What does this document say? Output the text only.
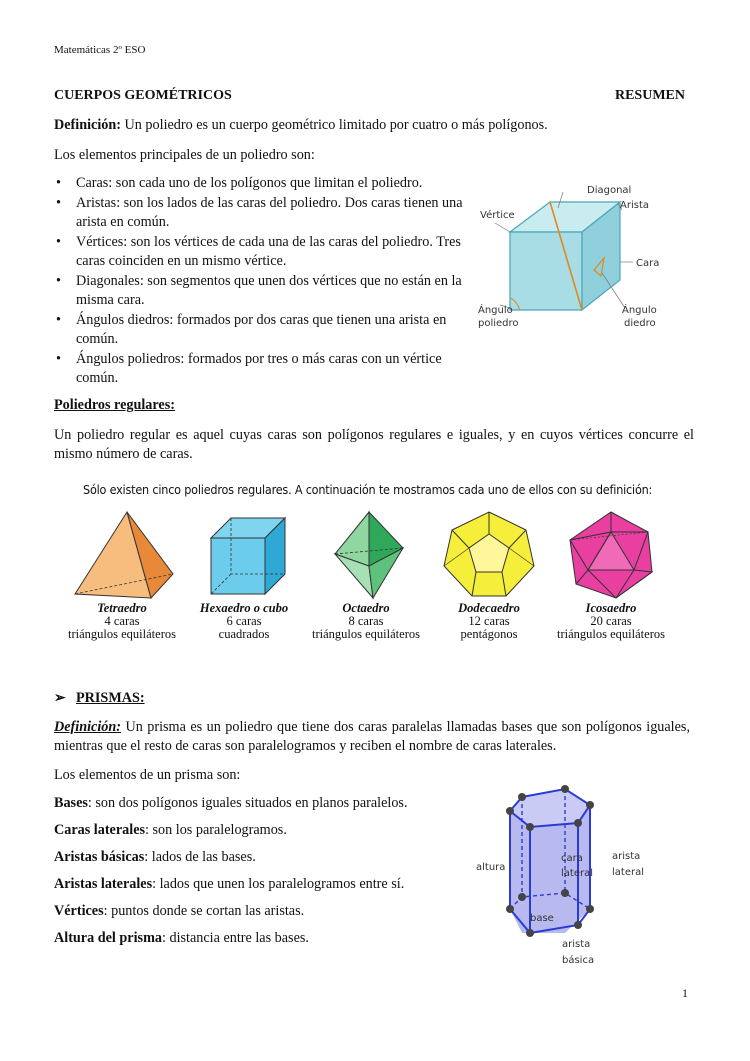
Matemáticas 2º ESO
CUERPOS GEOMÉTRICOS	RESUMEN

Definición: Un poliedro es un cuerpo geométrico limitado por cuatro o más polígonos.

Los elementos principales de un poliedro son:

• Caras: son cada uno de los polígonos que limitan el poliedro.
• Aristas: son los lados de las caras del poliedro. Dos caras tienen una arista en común.
• Vértices: son los vértices de cada una de las caras del poliedro. Tres caras coinciden en un mismo vértice.
• Diagonales: son segmentos que unen dos vértices que no están en la misma cara.
• Ángulos diedros: formados por dos caras que tienen una arista en común.
• Ángulos poliedros: formados por tres o más caras con un vértice común.
Diagonal
Arista
Vértice
Cara
Ángulo
poliedro
Ángulo
diedro
Poliedros regulares:

Un poliedro regular es aquel cuyas caras son polígonos regulares e iguales, y en cuyos vértices concurre el mismo número de caras.

Sólo existen cinco poliedros regulares. A continuación te mostramos cada uno de ellos con su definición:
Tetraedro
4 caras
triángulos equiláteros
Hexaedro o cubo
6 caras
cuadrados
Octaedro
8 caras
triángulos equiláteros
Dodecaedro
12 caras
pentágonos
Icosaedro
20 caras
triángulos equiláteros
➢ PRISMAS:

Definición: Un prisma es un poliedro que tiene dos caras paralelas llamadas bases que son polígonos iguales, mientras que el resto de caras son paralelogramos y reciben el nombre de caras laterales.

Los elementos de un prisma son:

Bases: son dos polígonos iguales situados en planos paralelos.

Caras laterales: son los paralelogramos.

Aristas básicas: lados de las bases.

Aristas laterales: lados que unen los paralelogramos entre sí.

Vértices: puntos donde se cortan las aristas.

Altura del prisma: distancia entre las bases.

altura
cara
lateral
arista
lateral
base
arista
básica
1
